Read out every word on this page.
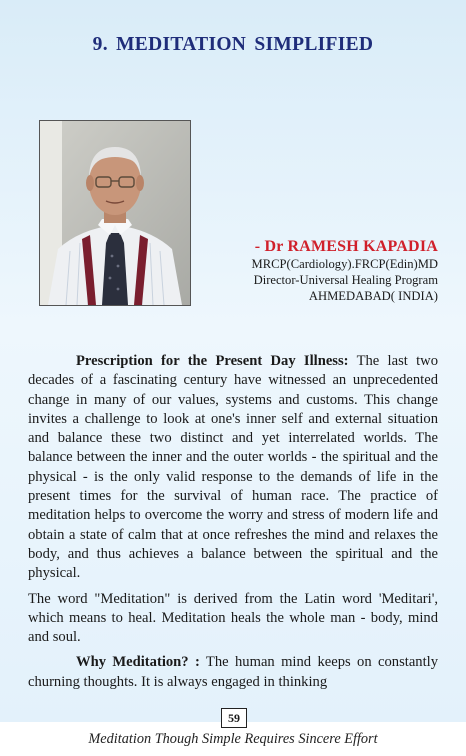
9. MEDITATION SIMPLIFIED
- Dr RAMESH KAPADIA
MRCP(Cardiology).FRCP(Edin)MD
Director-Universal Healing Program
AHMEDABAD( INDIA)

Prescription for the Present Day Illness: The last two decades of a fascinating century have witnessed an unprecedented change in many of our values, systems and customs. This change invites a challenge to look at one's inner self and external situation and balance these two distinct and yet interrelated worlds. The balance between the inner and the outer worlds - the spiritual and the physical - is the only valid response to the demands of life in the present times for the survival of human race. The practice of meditation helps to overcome the worry and stress of modern life and obtain a state of calm that at once refreshes the mind and relaxes the body, and thus achieves a balance between the spiritual and the physical.

The word "Meditation" is derived from the Latin word 'Meditari', which means to heal. Meditation heals the whole man - body, mind and soul.

Why Meditation? : The human mind keeps on constantly churning thoughts. It is always engaged in thinking

59
Meditation Though Simple Requires Sincere Effort
